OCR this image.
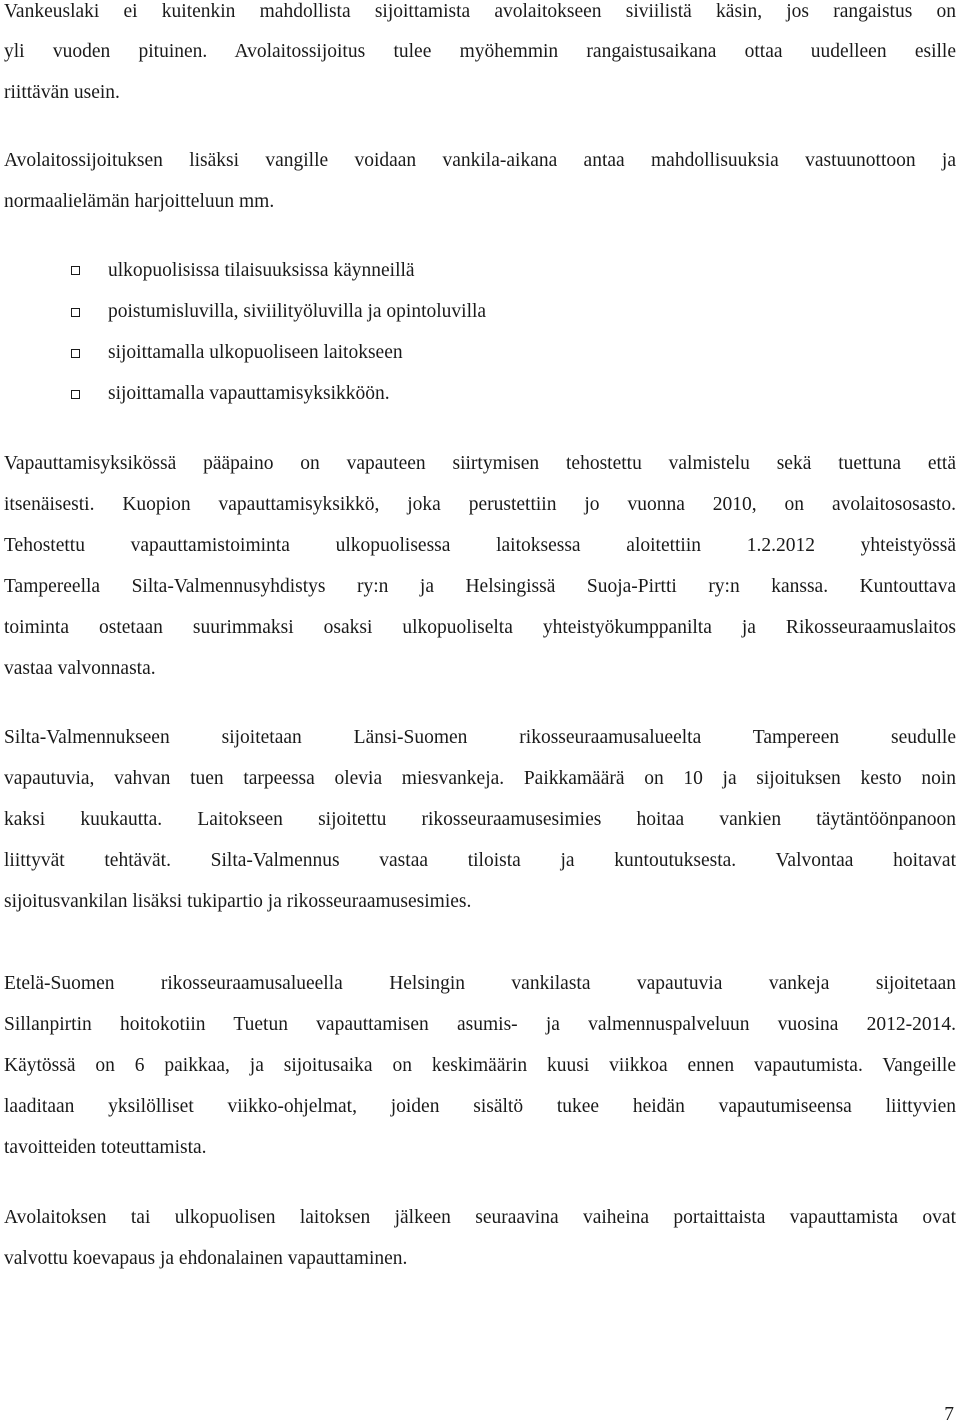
Vankeuslaki ei kuitenkin mahdollista sijoittamista avolaitokseen siviilistä käsin, jos rangaistus on
yli vuoden pituinen. Avolaitossijoitus tulee myöhemmin rangaistusaikana ottaa uudelleen esille
riittävän usein.
Avolaitossijoituksen lisäksi vangille voidaan vankila-aikana antaa mahdollisuuksia vastuunottoon ja
normaalielämän harjoitteluun mm.
ulkopuolisissa tilaisuuksissa käynneillä
poistumisluvilla, siviilityöluvilla ja opintoluvilla
sijoittamalla ulkopuoliseen laitokseen
sijoittamalla vapauttamisyksikköön.
Vapauttamisyksikössä pääpaino on vapauteen siirtymisen tehostettu valmistelu sekä tuettuna että
itsenäisesti. Kuopion vapauttamisyksikkö, joka perustettiin jo vuonna 2010, on avolaitososasto.
Tehostettu vapauttamistoiminta ulkopuolisessa laitoksessa aloitettiin 1.2.2012 yhteistyössä
Tampereella Silta-Valmennusyhdistys ry:n ja Helsingissä Suoja-Pirtti ry:n kanssa. Kuntouttava
toiminta ostetaan suurimmaksi osaksi ulkopuoliselta yhteistyökumppanilta ja Rikosseuraamuslaitos
vastaa valvonnasta.
Silta-Valmennukseen sijoitetaan Länsi-Suomen rikosseuraamusalueelta Tampereen seudulle
vapautuvia, vahvan tuen tarpeessa olevia miesvankeja. Paikkamäärä on 10 ja sijoituksen kesto noin
kaksi kuukautta. Laitokseen sijoitettu rikosseuraamusesimies hoitaa vankien täytäntöönpanoon
liittyvät tehtävät. Silta-Valmennus vastaa tiloista ja kuntoutuksesta. Valvontaa hoitavat
sijoitusvankilan lisäksi tukipartio ja rikosseuraamusesimies.
Etelä-Suomen rikosseuraamusalueella Helsingin vankilasta vapautuvia vankeja sijoitetaan
Sillanpirtin hoitokotiin Tuetun vapauttamisen asumis- ja valmennuspalveluun vuosina 2012-2014.
Käytössä on 6 paikkaa, ja sijoitusaika on keskimäärin kuusi viikkoa ennen vapautumista. Vangeille
laaditaan yksilölliset viikko-ohjelmat, joiden sisältö tukee heidän vapautumiseensa liittyvien
tavoitteiden toteuttamista.
Avolaitoksen tai ulkopuolisen laitoksen jälkeen seuraavina vaiheina portaittaista vapauttamista ovat
valvottu koevapaus ja ehdonalainen vapauttaminen.
7
